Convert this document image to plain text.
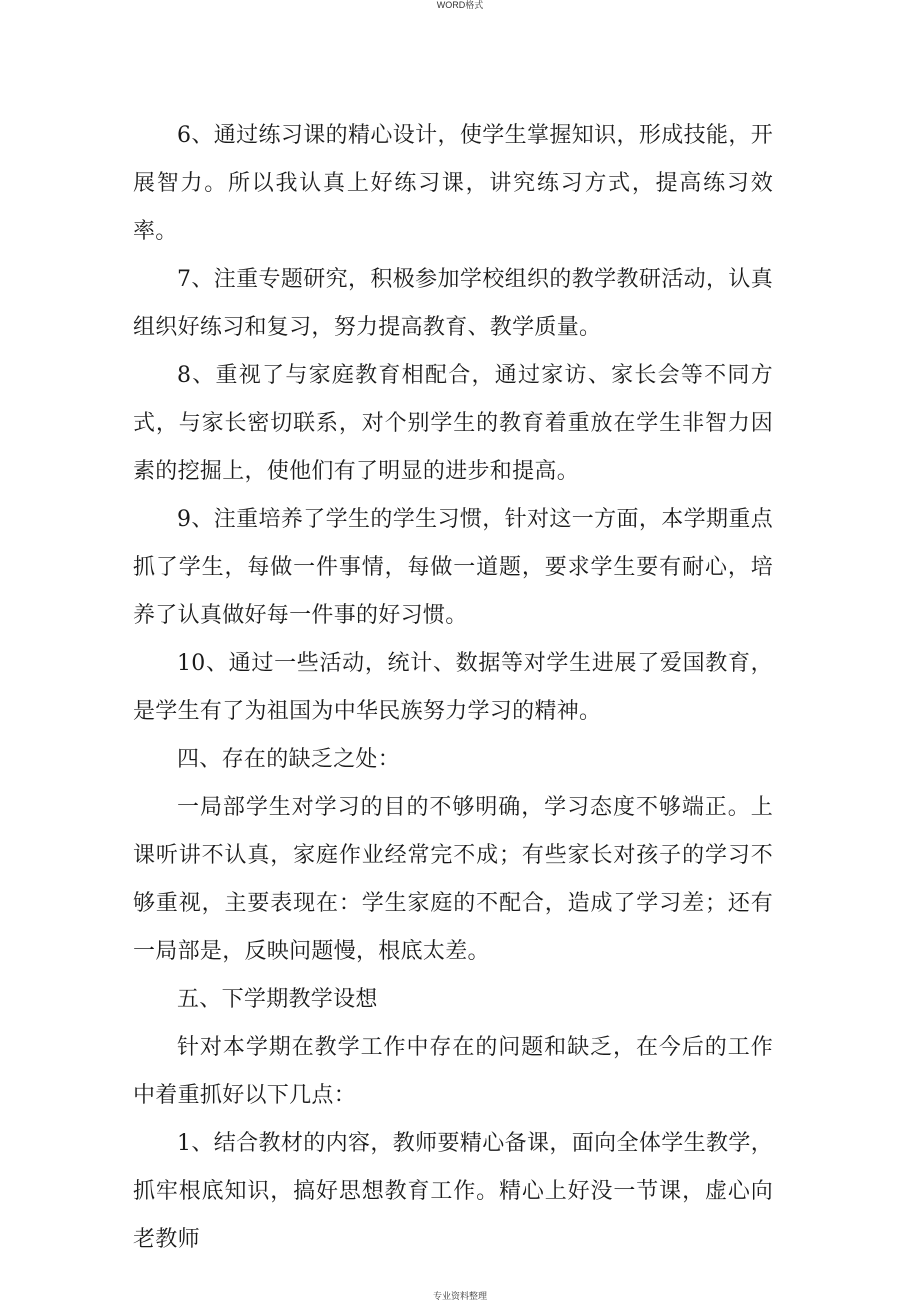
WORD格式

6、通过练习课的精心设计，使学生掌握知识，形成技能，开展智力。所以我认真上好练习课，讲究练习方式，提高练习效率。

7、注重专题研究，积极参加学校组织的教学教研活动，认真组织好练习和复习，努力提高教育、教学质量。

8、重视了与家庭教育相配合，通过家访、家长会等不同方式，与家长密切联系，对个别学生的教育着重放在学生非智力因素的挖掘上，使他们有了明显的进步和提高。

9、注重培养了学生的学生习惯，针对这一方面，本学期重点抓了学生，每做一件事情，每做一道题，要求学生要有耐心，培养了认真做好每一件事的好习惯。

10、通过一些活动，统计、数据等对学生进展了爱国教育，是学生有了为祖国为中华民族努力学习的精神。

四、存在的缺乏之处：

一局部学生对学习的目的不够明确，学习态度不够端正。上课听讲不认真，家庭作业经常完不成；有些家长对孩子的学习不够重视，主要表现在：学生家庭的不配合，造成了学习差；还有一局部是，反映问题慢，根底太差。

五、下学期教学设想

针对本学期在教学工作中存在的问题和缺乏，在今后的工作中着重抓好以下几点：

1、结合教材的内容，教师要精心备课，面向全体学生教学，抓牢根底知识，搞好思想教育工作。精心上好没一节课，虚心向老教师

专业资料整理
